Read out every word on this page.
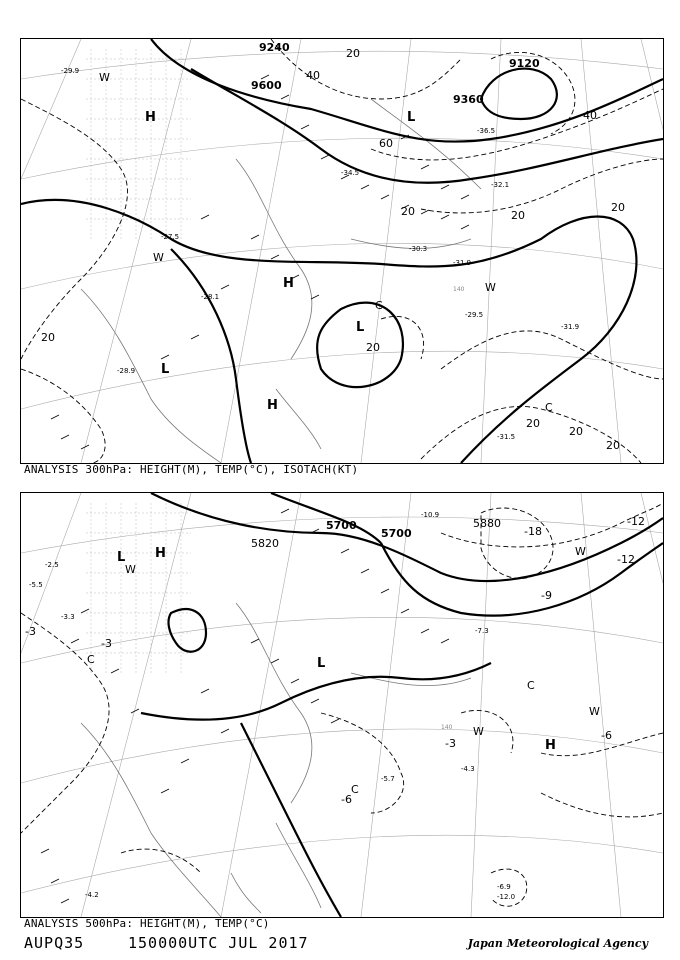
9240
9600
9120
9360
20
40
60
20
40
20
20
20
20
20
20
20
H
H
H
L
L
L
W
W
W
C
C
-29.9
-27.5
-31.9
-29.5
-31.9
-28.1
-32.1
-30.3
-34.5
-36.5
-31.5
-28.9
140
ANALYSIS 300hPa: HEIGHT(M), TEMP(°C), ISOTACH(KT)
5700
5820
5700
5880	-12
-12
-18
-9
-3
-3
-6
-6
-3
L H
H
L
W
W
W
W
C
C
C
-10.9
-5.5
-4.3
-6.9
-12.0
-4.2
-2.5
-3.3
-7.3
-5.7
140
ANALYSIS 500hPa: HEIGHT(M), TEMP(°C)
AUPQ35	150000UTC JUL 2017	Japan Meteorological Agency
